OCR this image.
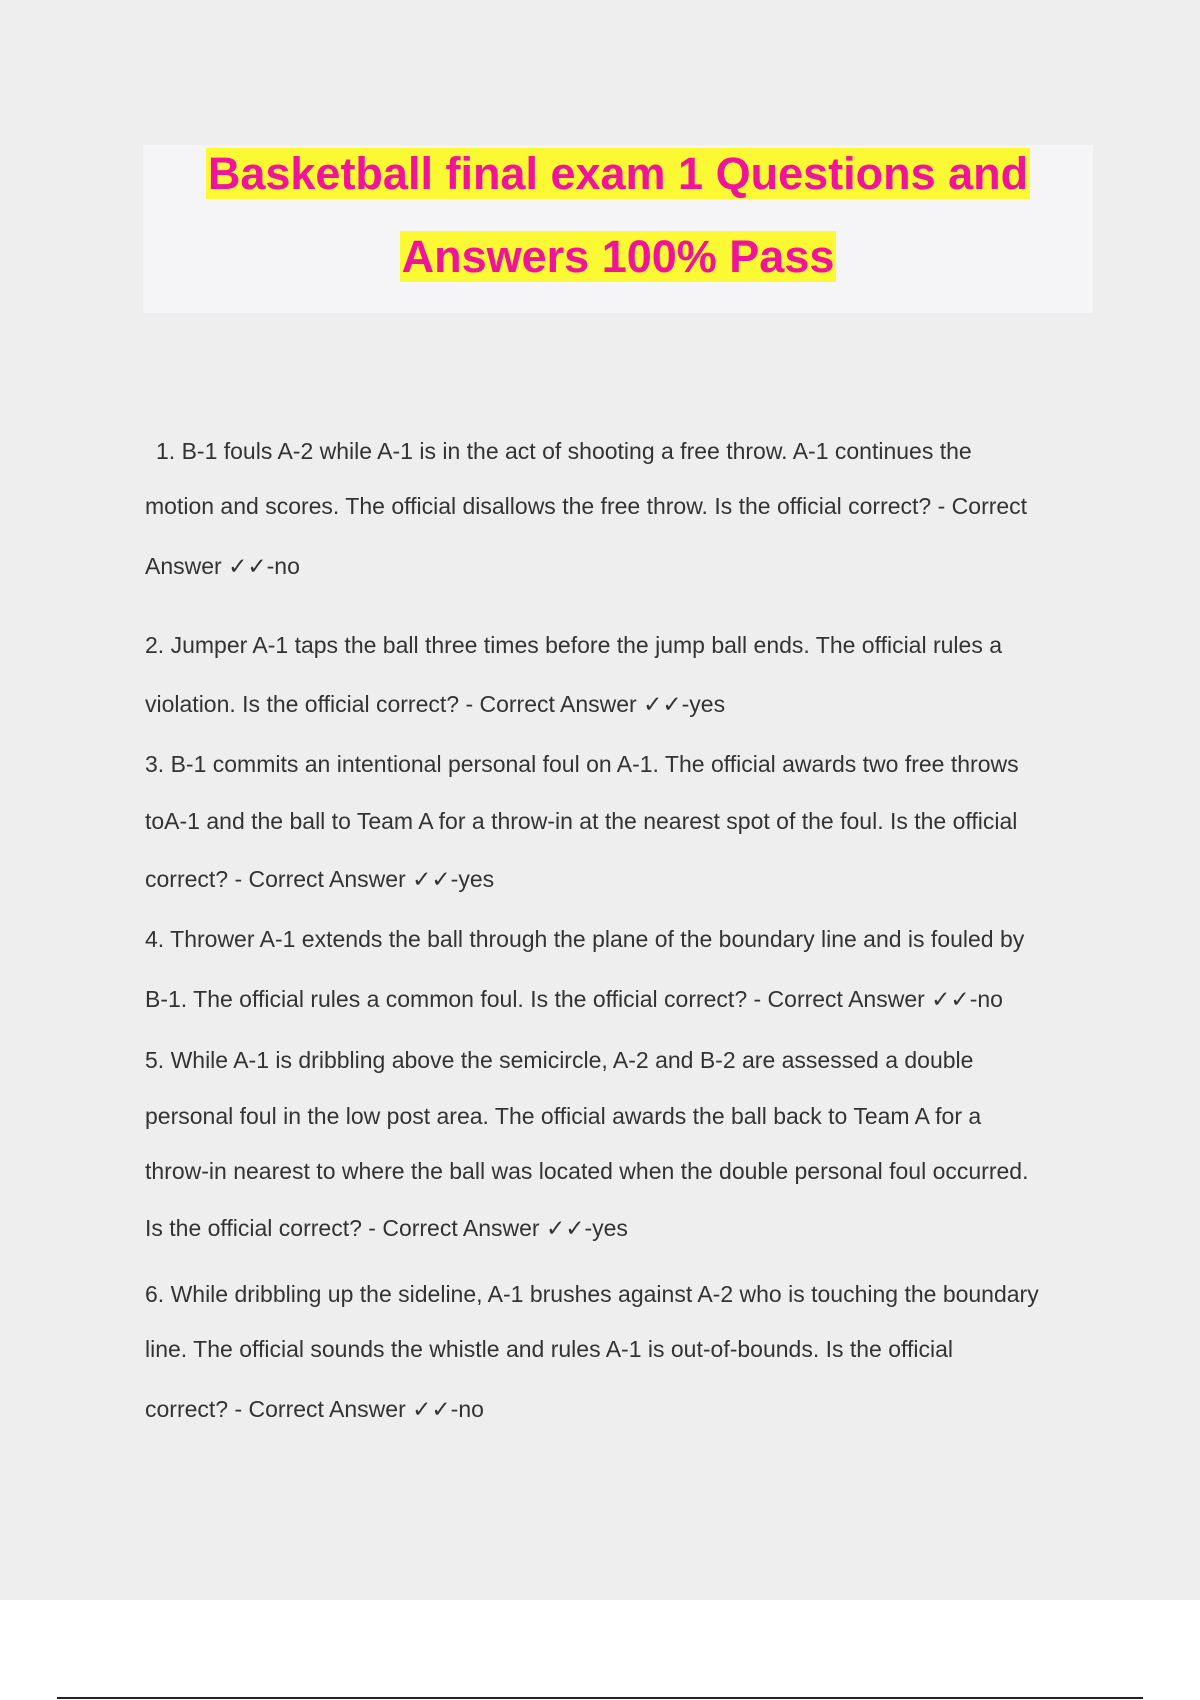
Basketball final exam 1 Questions and
Answers 100% Pass
1. B-1 fouls A-2 while A-1 is in the act of shooting a free throw. A-1 continues the
motion and scores. The official disallows the free throw. Is the official correct? - Correct
Answer ✓✓-no
2. Jumper A-1 taps the ball three times before the jump ball ends. The official rules a
violation. Is the official correct? - Correct Answer ✓✓-yes
3. B-1 commits an intentional personal foul on A-1. The official awards two free throws
toA-1 and the ball to Team A for a throw-in at the nearest spot of the foul. Is the official
correct? - Correct Answer ✓✓-yes
4. Thrower A-1 extends the ball through the plane of the boundary line and is fouled by
B-1. The official rules a common foul. Is the official correct? - Correct Answer ✓✓-no
5. While A-1 is dribbling above the semicircle, A-2 and B-2 are assessed a double
personal foul in the low post area. The official awards the ball back to Team A for a
throw-in nearest to where the ball was located when the double personal foul occurred.
Is the official correct? - Correct Answer ✓✓-yes
6. While dribbling up the sideline, A-1 brushes against A-2 who is touching the boundary
line. The official sounds the whistle and rules A-1 is out-of-bounds. Is the official
correct? - Correct Answer ✓✓-no
